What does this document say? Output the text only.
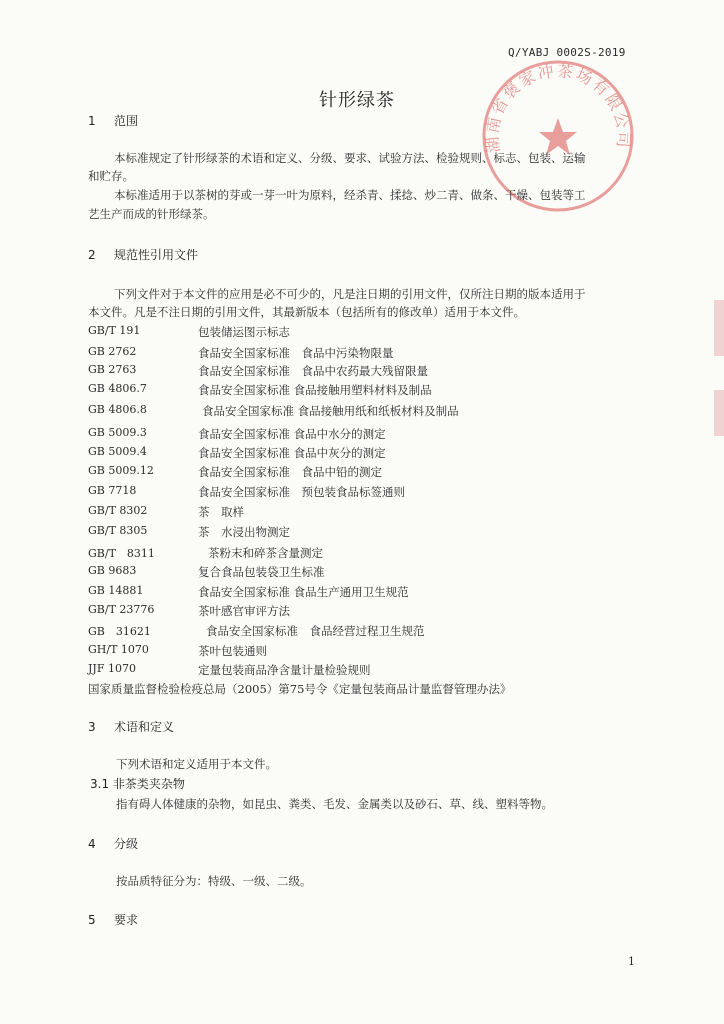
Q/YABJ 0002S-2019
湖南省褒家冲茶场有限公司
针形绿茶
1 范围
本标准规定了针形绿茶的术语和定义、分级、要求、试验方法、检验规则、标志、包装、运输
和贮存。
本标准适用于以茶树的芽或一芽一叶为原料，经杀青、揉捻、炒二青、做条、干燥、包装等工
艺生产而成的针形绿茶。
2 规范性引用文件
下列文件对于本文件的应用是必不可少的，凡是注日期的引用文件，仅所注日期的版本适用于
本文件。凡是不注日期的引用文件，其最新版本（包括所有的修改单）适用于本文件。
GB/T 191	包装储运图示标志
GB 2762	食品安全国家标准　食品中污染物限量
GB 2763	食品安全国家标准　食品中农药最大残留限量
GB 4806.7	食品安全国家标准 食品接触用塑料材料及制品
GB 4806.8	食品安全国家标准 食品接触用纸和纸板材料及制品
GB 5009.3	食品安全国家标准 食品中水分的测定
GB 5009.4	食品安全国家标准 食品中灰分的测定
GB 5009.12	食品安全国家标准　食品中铅的测定
GB 7718	食品安全国家标准　预包装食品标签通则
GB/T 8302	茶　取样
GB/T 8305	茶　水浸出物测定
GB/T　8311	茶粉末和碎茶含量测定
GB 9683	复合食品包装袋卫生标准
GB 14881	食品安全国家标准 食品生产通用卫生规范
GB/T 23776	茶叶感官审评方法
GB　31621	食品安全国家标准　食品经营过程卫生规范
GH/T 1070	茶叶包装通则
JJF 1070	定量包装商品净含量计量检验规则
国家质量监督检验检疫总局（2005）第75号令《定量包装商品计量监督管理办法》
3 术语和定义
下列术语和定义适用于本文件。
3.1 非茶类夹杂物
指有碍人体健康的杂物，如昆虫、粪类、毛发、金属类以及砂石、草、线、塑料等物。
4 分级
按品质特征分为：特级、一级、二级。
5 要求
1
